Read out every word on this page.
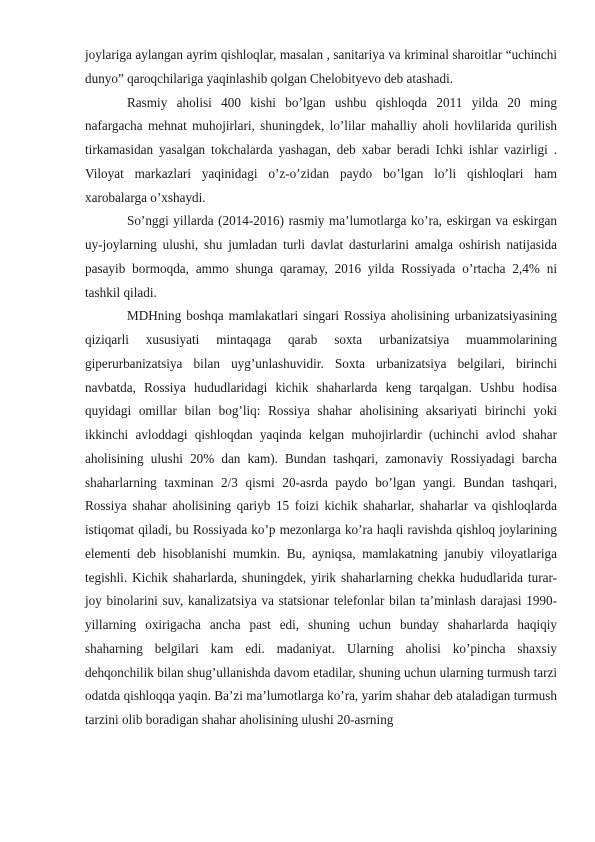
joylariga aylangan ayrim qishloqlar, masalan , sanitariya va kriminal sharoitlar “uchinchi dunyo” qaroqchilariga yaqinlashib qolgan Chelobityevo deb atashadi.

Rasmiy aholisi 400 kishi bo’lgan ushbu qishloqda 2011 yilda 20 ming nafargacha mehnat muhojirlari, shuningdek, lo’lilar mahalliy aholi hovlilarida qurilish tirkamasidan yasalgan tokchalarda yashagan, deb xabar beradi Ichki ishlar vazirligi . Viloyat markazlari yaqinidagi o’z-o’zidan paydo bo’lgan lo’li qishloqlari ham xarobalarga o’xshaydi.

So’nggi yillarda (2014-2016) rasmiy ma’lumotlarga ko’ra, eskirgan va eskirgan uy-joylarning ulushi, shu jumladan turli davlat dasturlarini amalga oshirish natijasida pasayib bormoqda, ammo shunga qaramay, 2016 yilda Rossiyada o’rtacha 2,4% ni tashkil qiladi.

MDHning boshqa mamlakatlari singari Rossiya aholisining urbanizatsiyasining qiziqarli xususiyati mintaqaga qarab soxta urbanizatsiya muammolarining giperurbanizatsiya bilan uyg’unlashuvidir. Soxta urbanizatsiya belgilari, birinchi navbatda, Rossiya hududlaridagi kichik shaharlarda keng tarqalgan. Ushbu hodisa quyidagi omillar bilan bog’liq: Rossiya shahar aholisining aksariyati birinchi yoki ikkinchi avloddagi qishloqdan yaqinda kelgan muhojirlardir (uchinchi avlod shahar aholisining ulushi 20% dan kam). Bundan tashqari, zamonaviy Rossiyadagi barcha shaharlarning taxminan 2/3 qismi 20-asrda paydo bo’lgan yangi. Bundan tashqari, Rossiya shahar aholisining qariyb 15 foizi kichik shaharlar, shaharlar va qishloqlarda istiqomat qiladi, bu Rossiyada ko’p mezonlarga ko’ra haqli ravishda qishloq joylarining elementi deb hisoblanishi mumkin. Bu, ayniqsa, mamlakatning janubiy viloyatlariga tegishli. Kichik shaharlarda, shuningdek, yirik shaharlarning chekka hududlarida turar-joy binolarini suv, kanalizatsiya va statsionar telefonlar bilan ta’minlash darajasi 1990-yillarning oxirigacha ancha past edi, shuning uchun bunday shaharlarda haqiqiy shaharning belgilari kam edi. madaniyat. Ularning aholisi ko’pincha shaxsiy dehqonchilik bilan shug’ullanishda davom etadilar, shuning uchun ularning turmush tarzi odatda qishloqqa yaqin. Ba’zi ma’lumotlarga ko’ra, yarim shahar deb ataladigan turmush tarzini olib boradigan shahar aholisining ulushi 20-asrning
